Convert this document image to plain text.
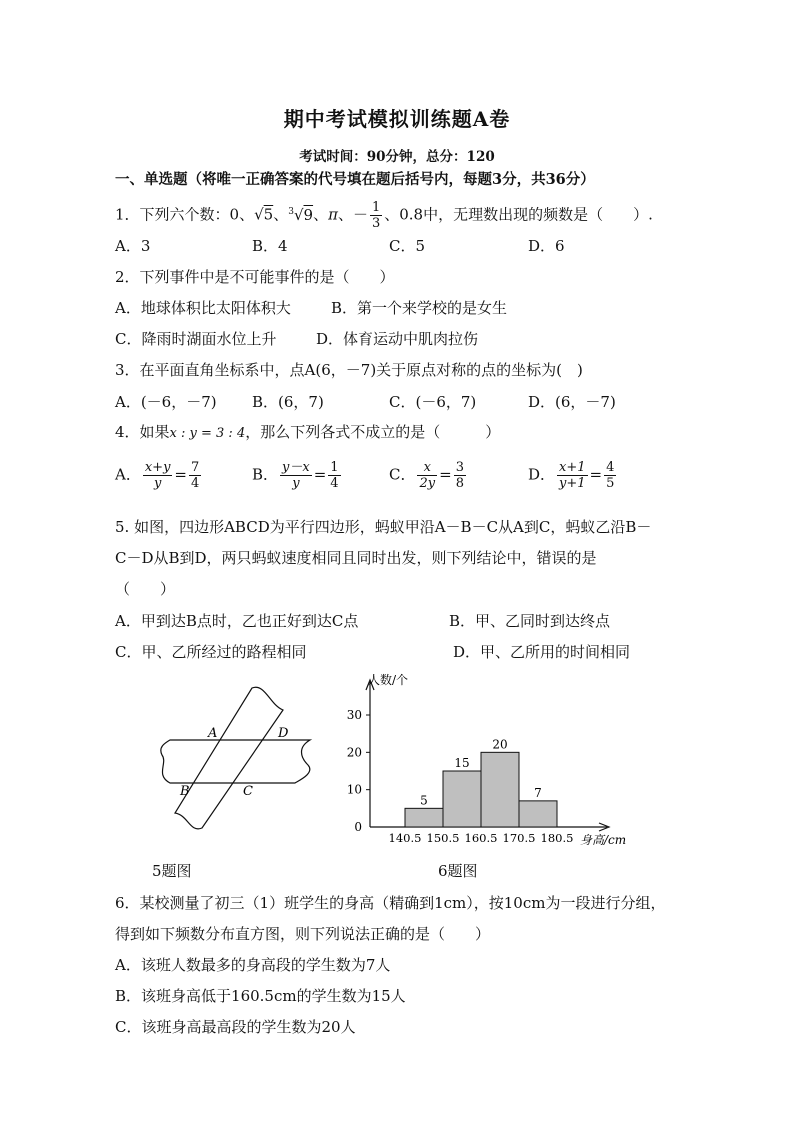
期中考试模拟训练题A卷
考试时间：90分钟，总分：120
一、单选题（将唯一正确答案的代号填在题后括号内，每题3分，共36分）
1．下列六个数：0、√5、$^3$√9、π、－ $\frac{1}{3}$ 、0.8中，无理数出现的频数是（　　）.
A．3	B．4	C．5	D．6
2．下列事件中是不可能事件的是（　　）
A．地球体积比太阳体积大	B．第一个来学校的是女生
C．降雨时湖面水位上升	D．体育运动中肌肉拉伤
3．在平面直角坐标系中，点A(6，－7)关于原点对称的点的坐标为(　)
A．(－6，－7) B．(6，7)	C．(－6，7)	D．(6，－7)
4．如果x : y = 3 : 4，那么下列各式不成立的是（　　　）
A． $\frac{x+y}{y} = \frac{7}{4}$	B． $\frac{y-x}{y} = \frac{1}{4}$	C． $\frac{x}{2y} = \frac{3}{8}$	D． $\frac{x+1}{y+1} = \frac{4}{5}$
5. 如图，四边形ABCD为平行四边形，蚂蚁甲沿A－B－C从A到C，蚂蚁乙沿B－
C－D从B到D，两只蚂蚁速度相同且同时出发，则下列结论中，错误的是
（　　）
A．甲到达B点时，乙也正好到达C点	B．甲、乙同时到达终点
C．甲、乙所经过的路程相同	D．甲、乙所用的时间相同
A	D
B	C
5题图
0
10
20
30
人数/个
身高/cm
5
15
20
7
140.5 150.5 160.5 170.5 180.5
6题图
6．某校测量了初三（1）班学生的身高（精确到1cm），按10cm为一段进行分组，
得到如下频数分布直方图，则下列说法正确的是（　　）
A．该班人数最多的身高段的学生数为7人
B．该班身高低于160.5cm的学生数为15人
C．该班身高最高段的学生数为20人
